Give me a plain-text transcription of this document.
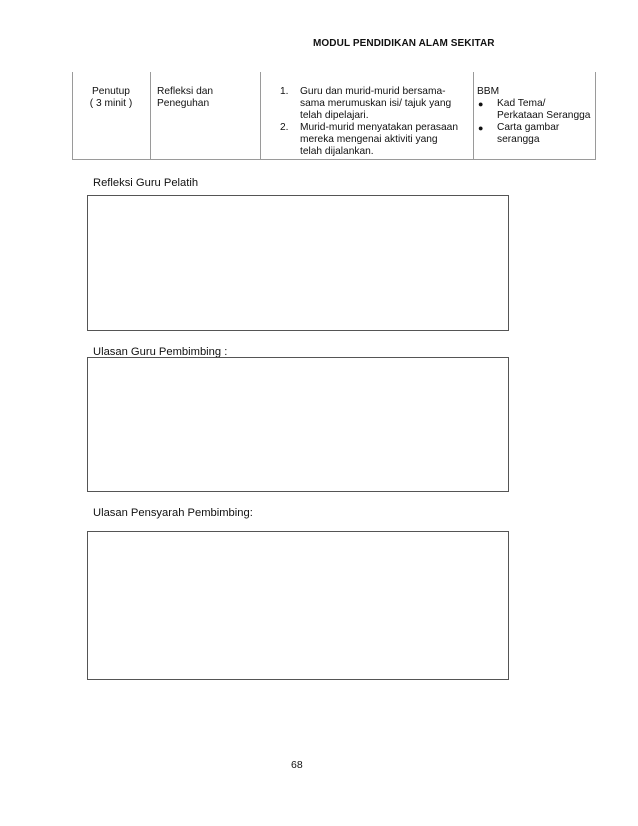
MODUL PENDIDIKAN ALAM SEKITAR
Penutup
( 3 minit )
Refleksi dan
Peneguhan
1. Guru dan murid-murid bersama-
sama merumuskan isi/ tajuk yang
telah dipelajari.
2. Murid-murid menyatakan perasaan
mereka mengenai aktiviti yang
telah dijalankan.
BBM
● Kad Tema/
Perkataan Serangga
● Carta gambar
serangga
Refleksi Guru Pelatih
Ulasan Guru Pembimbing :
Ulasan Pensyarah Pembimbing:
68
